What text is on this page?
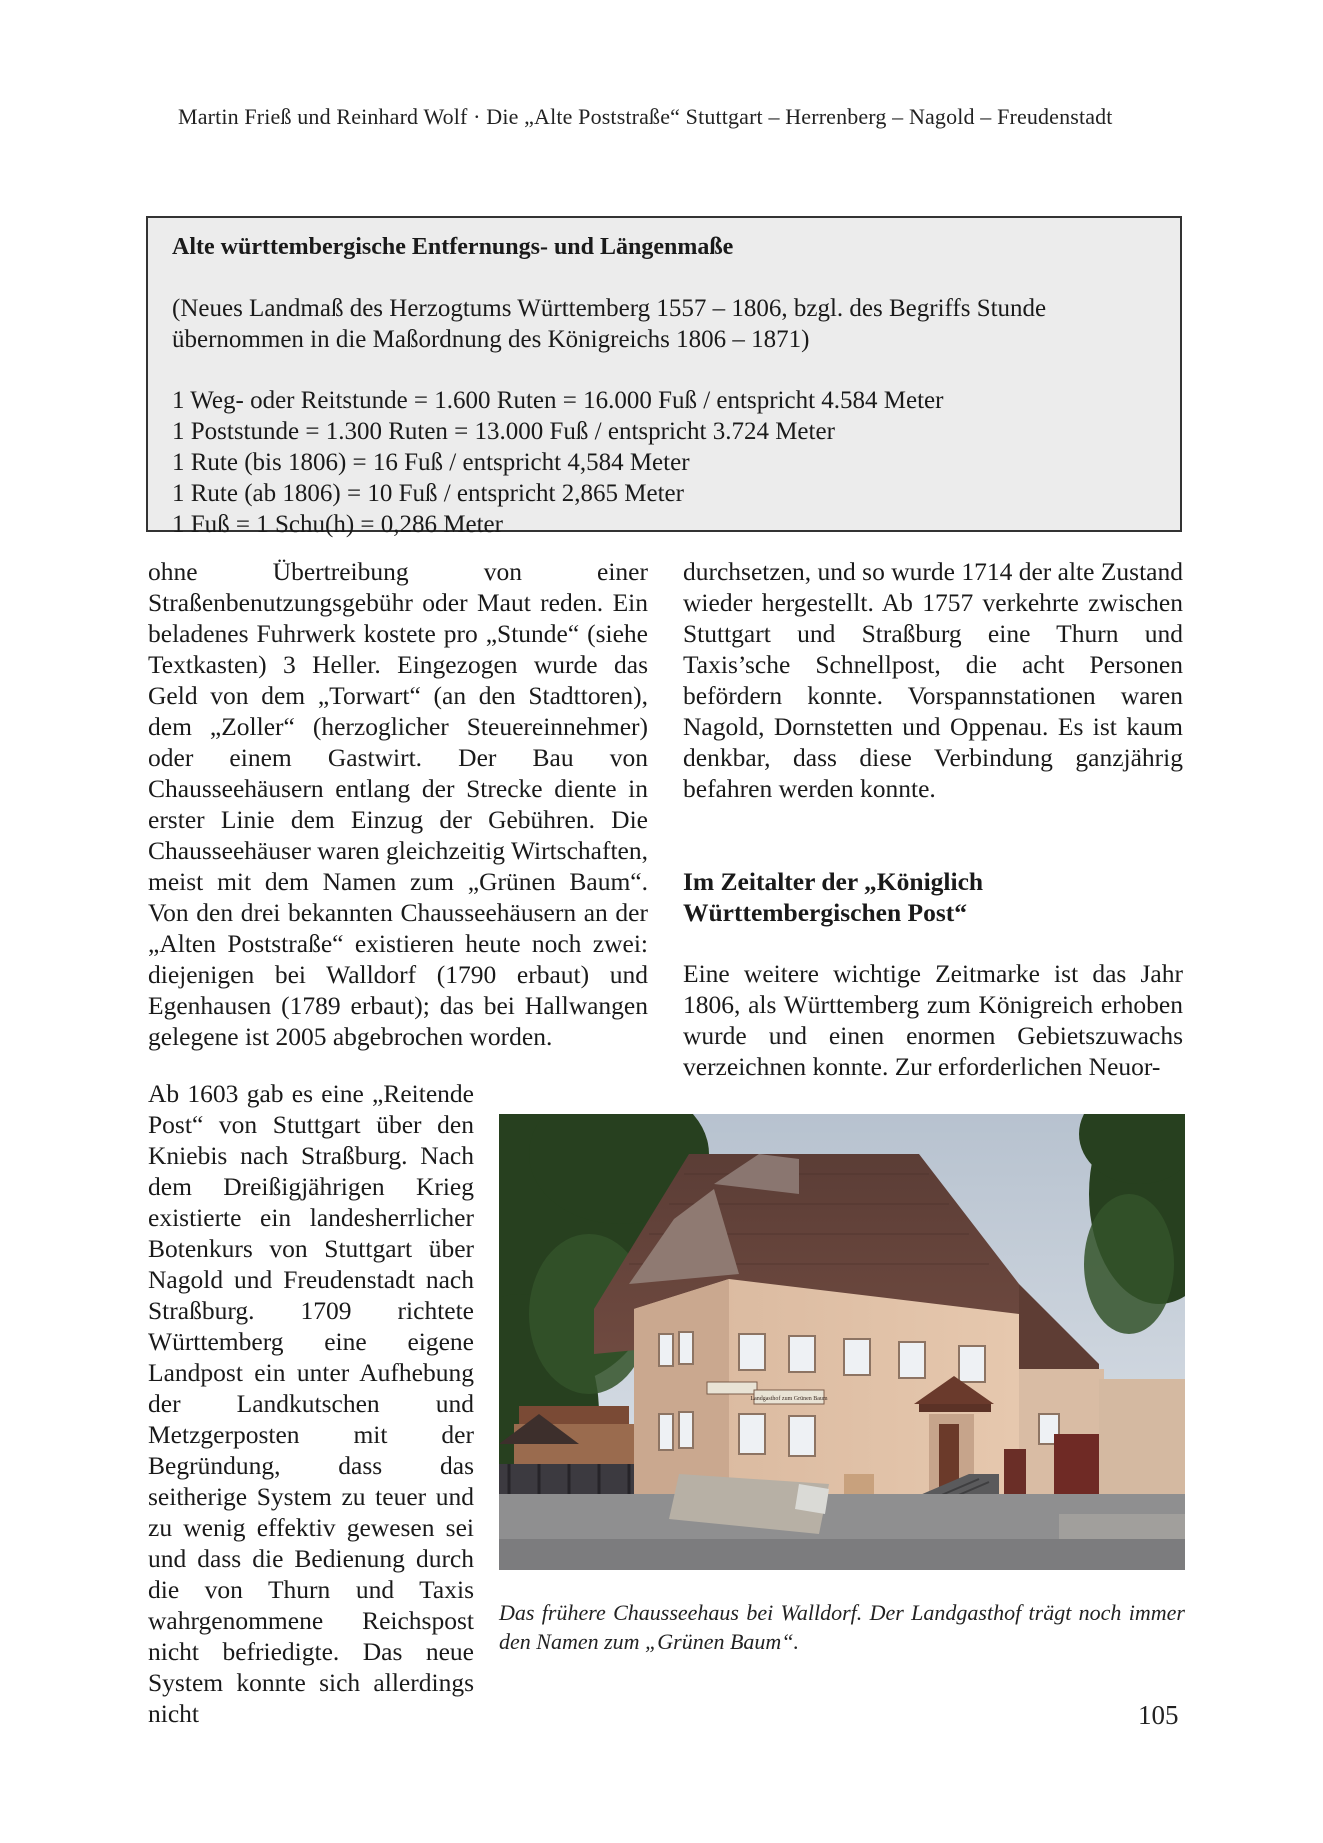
Martin Frieß und Reinhard Wolf · Die „Alte Poststraße“ Stuttgart – Herrenberg – Nagold – Freudenstadt
Alte württembergische Entfernungs- und Längenmaße
(Neues Landmaß des Herzogtums Württemberg 1557 – 1806, bzgl. des Begriffs Stunde übernommen in die Maßordnung des Königreichs 1806 – 1871)
1 Weg- oder Reitstunde = 1.600 Ruten = 16.000 Fuß / entspricht 4.584 Meter
1 Poststunde = 1.300 Ruten = 13.000 Fuß / entspricht 3.724 Meter
1 Rute (bis 1806) = 16 Fuß / entspricht 4,584 Meter
1 Rute (ab 1806) = 10 Fuß / entspricht 2,865 Meter
1 Fuß = 1 Schu(h) = 0,286 Meter

ohne Übertreibung von einer Straßenbenutzungsgebühr oder Maut reden. Ein beladenes Fuhrwerk kostete pro „Stunde“ (siehe Textkasten) 3 Heller. Eingezogen wurde das Geld von dem „Torwart“ (an den Stadttoren), dem „Zoller“ (herzoglicher Steuereinnehmer) oder einem Gastwirt. Der Bau von Chausseehäusern entlang der Strecke diente in erster Linie dem Einzug der Gebühren. Die Chausseehäuser waren gleichzeitig Wirtschaften, meist mit dem Namen zum „Grünen Baum“. Von den drei bekannten Chausseehäusern an der „Alten Poststraße“ existieren heute noch zwei: diejenigen bei Walldorf (1790 erbaut) und Egenhausen (1789 erbaut); das bei Hallwangen gelegene ist 2005 abgebrochen worden.

Ab 1603 gab es eine „Reitende Post“ von Stuttgart über den Kniebis nach Straßburg. Nach dem Dreißigjährigen Krieg existierte ein landesherrlicher Botenkurs von Stuttgart über Nagold und Freudenstadt nach Straßburg. 1709 richtete Württemberg eine eigene Landpost ein unter Aufhebung der Landkutschen und Metzgerposten mit der Begründung, dass das seitherige System zu teuer und zu wenig effektiv gewesen sei und dass die Bedienung durch die von Thurn und Taxis wahrgenommene Reichspost nicht befriedigte. Das neue System konnte sich allerdings nicht

durchsetzen, und so wurde 1714 der alte Zustand wieder hergestellt. Ab 1757 verkehrte zwischen Stuttgart und Straßburg eine Thurn und Taxis’sche Schnellpost, die acht Personen befördern konnte. Vorspannstationen waren Nagold, Dornstetten und Oppenau. Es ist kaum denkbar, dass diese Verbindung ganzjährig befahren werden konnte.

Im Zeitalter der „Königlich Württembergischen Post“

Eine weitere wichtige Zeitmarke ist das Jahr 1806, als Württemberg zum Königreich erhoben wurde und einen enormen Gebietszuwachs verzeichnen konnte. Zur erforderlichen Neuor-

Landgasthof zum Grünen Baum
Das frühere Chausseehaus bei Walldorf. Der Landgasthof trägt noch immer den Namen zum „Grünen Baum“.
105
